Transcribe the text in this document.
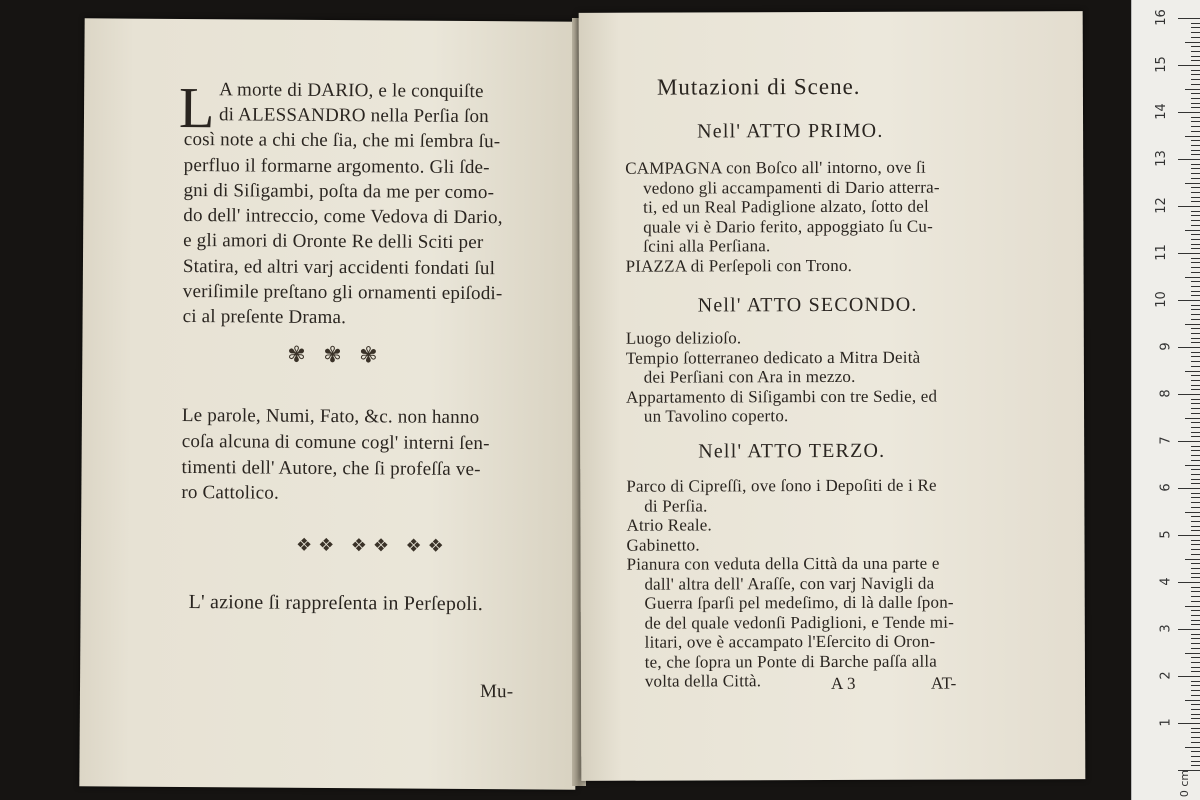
L A morte di DARIO, e le conquiſte
di ALESSANDRO nella Perſia ſon
così note a chi che ſia, che mi ſembra ſu-
perfluo il formarne argomento. Gli ſde-
gni di Siſigambi, poſta da me per como-
do dell' intreccio, come Vedova di Dario,
e gli amori di Oronte Re delli Sciti per
Statira, ed altri varj accidenti fondati ſul
veriſimile preſtano gli ornamenti epiſodi-
ci al preſente Drama.
✾ ✾ ✾
Le parole, Numi, Fato, &c. non hanno
coſa alcuna di comune cogl' interni ſen-
timenti dell' Autore, che ſi profeſſa ve-
ro Cattolico.
❖❖ ❖❖ ❖❖
L' azione ſi rappreſenta in Perſepoli.
Mu-
Mutazioni di Scene.
Nell' ATTO PRIMO.
CAMPAGNA con Boſco all' intorno, ove ſi
vedono gli accampamenti di Dario atterra-
ti, ed un Real Padiglione alzato, ſotto del
quale vi è Dario ferito, appoggiato ſu Cu-
ſcini alla Perſiana.
PIAZZA di Perſepoli con Trono.
Nell' ATTO SECONDO.
Luogo delizioſo.
Tempio ſotterraneo dedicato a Mitra Deità
dei Perſiani con Ara in mezzo.
Appartamento di Siſigambi con tre Sedie, ed
un Tavolino coperto.
Nell' ATTO TERZO.
Parco di Cipreſſi, ove ſono i Depoſiti de i Re
di Perſia.
Atrio Reale.
Gabinetto.
Pianura con veduta della Città da una parte e
dall' altra dell' Araſſe, con varj Navigli da
Guerra ſparſi pel medeſimo, di là dalle ſpon-
de del quale vedonſi Padiglioni, e Tende mi-
litari, ove è accampato l'Eſercito di Oron-
te, che ſopra un Ponte di Barche paſſa alla
volta della Città.	A 3	AT-
1
2
3
4
5
6
7
8
9
10
11
12
13
14
15
16
0 cm
